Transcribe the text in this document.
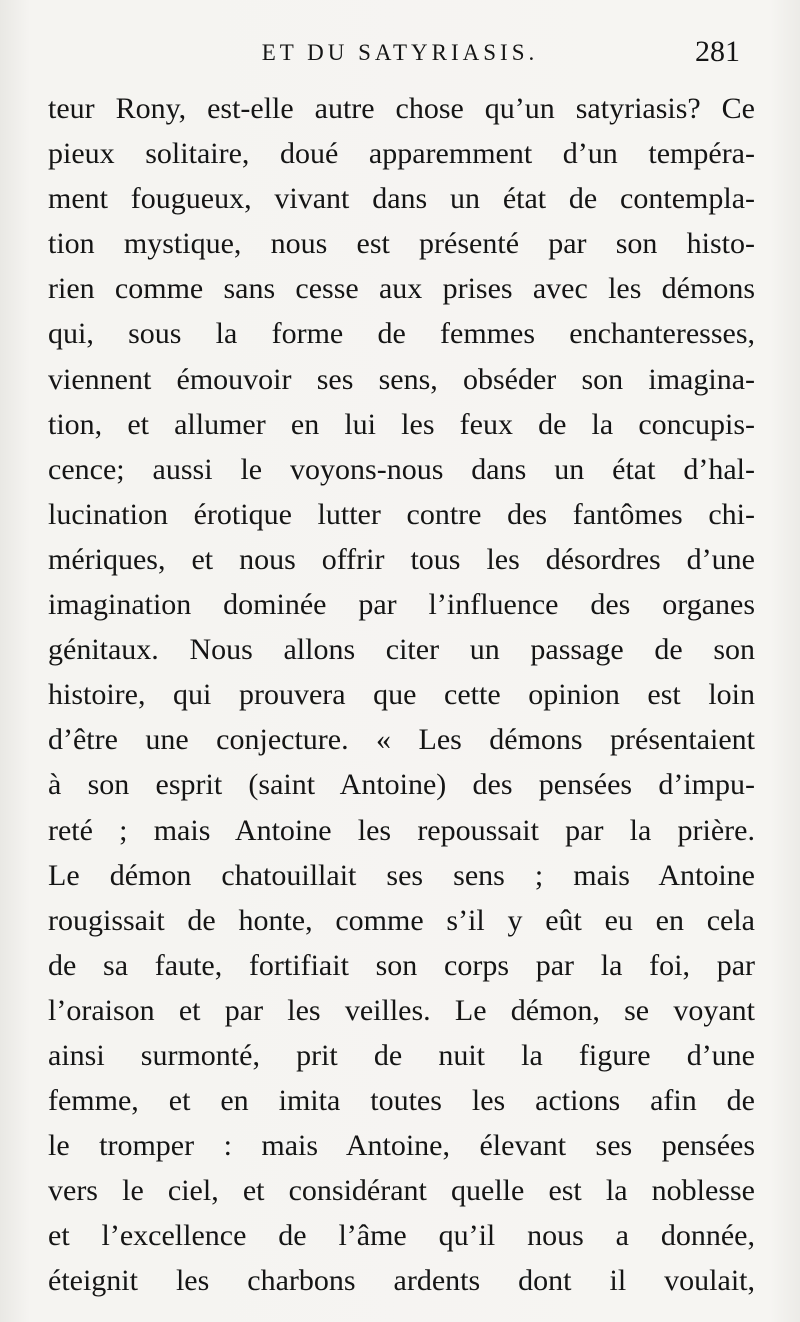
ET DU SATYRIASIS.	281
teur Rony, est-elle autre chose qu’un satyriasis? Ce
pieux solitaire, doué apparemment d’un tempéra-
ment fougueux, vivant dans un état de contempla-
tion mystique, nous est présenté par son histo-
rien comme sans cesse aux prises avec les démons
qui, sous la forme de femmes enchanteresses,
viennent émouvoir ses sens, obséder son imagina-
tion, et allumer en lui les feux de la concupis-
cence; aussi le voyons-nous dans un état d’hal-
lucination érotique lutter contre des fantômes chi-
mériques, et nous offrir tous les désordres d’une
imagination dominée par l’influence des organes
génitaux. Nous allons citer un passage de son
histoire, qui prouvera que cette opinion est loin
d’être une conjecture. « Les démons présentaient
à son esprit (saint Antoine) des pensées d’impu-
reté ; mais Antoine les repoussait par la prière.
Le démon chatouillait ses sens ; mais Antoine
rougissait de honte, comme s’il y eût eu en cela
de sa faute, fortifiait son corps par la foi, par
l’oraison et par les veilles. Le démon, se voyant
ainsi surmonté, prit de nuit la figure d’une
femme, et en imita toutes les actions afin de
le tromper : mais Antoine, élevant ses pensées
vers le ciel, et considérant quelle est la noblesse
et l’excellence de l’âme qu’il nous a donnée,
éteignit les charbons ardents dont il voulait,
